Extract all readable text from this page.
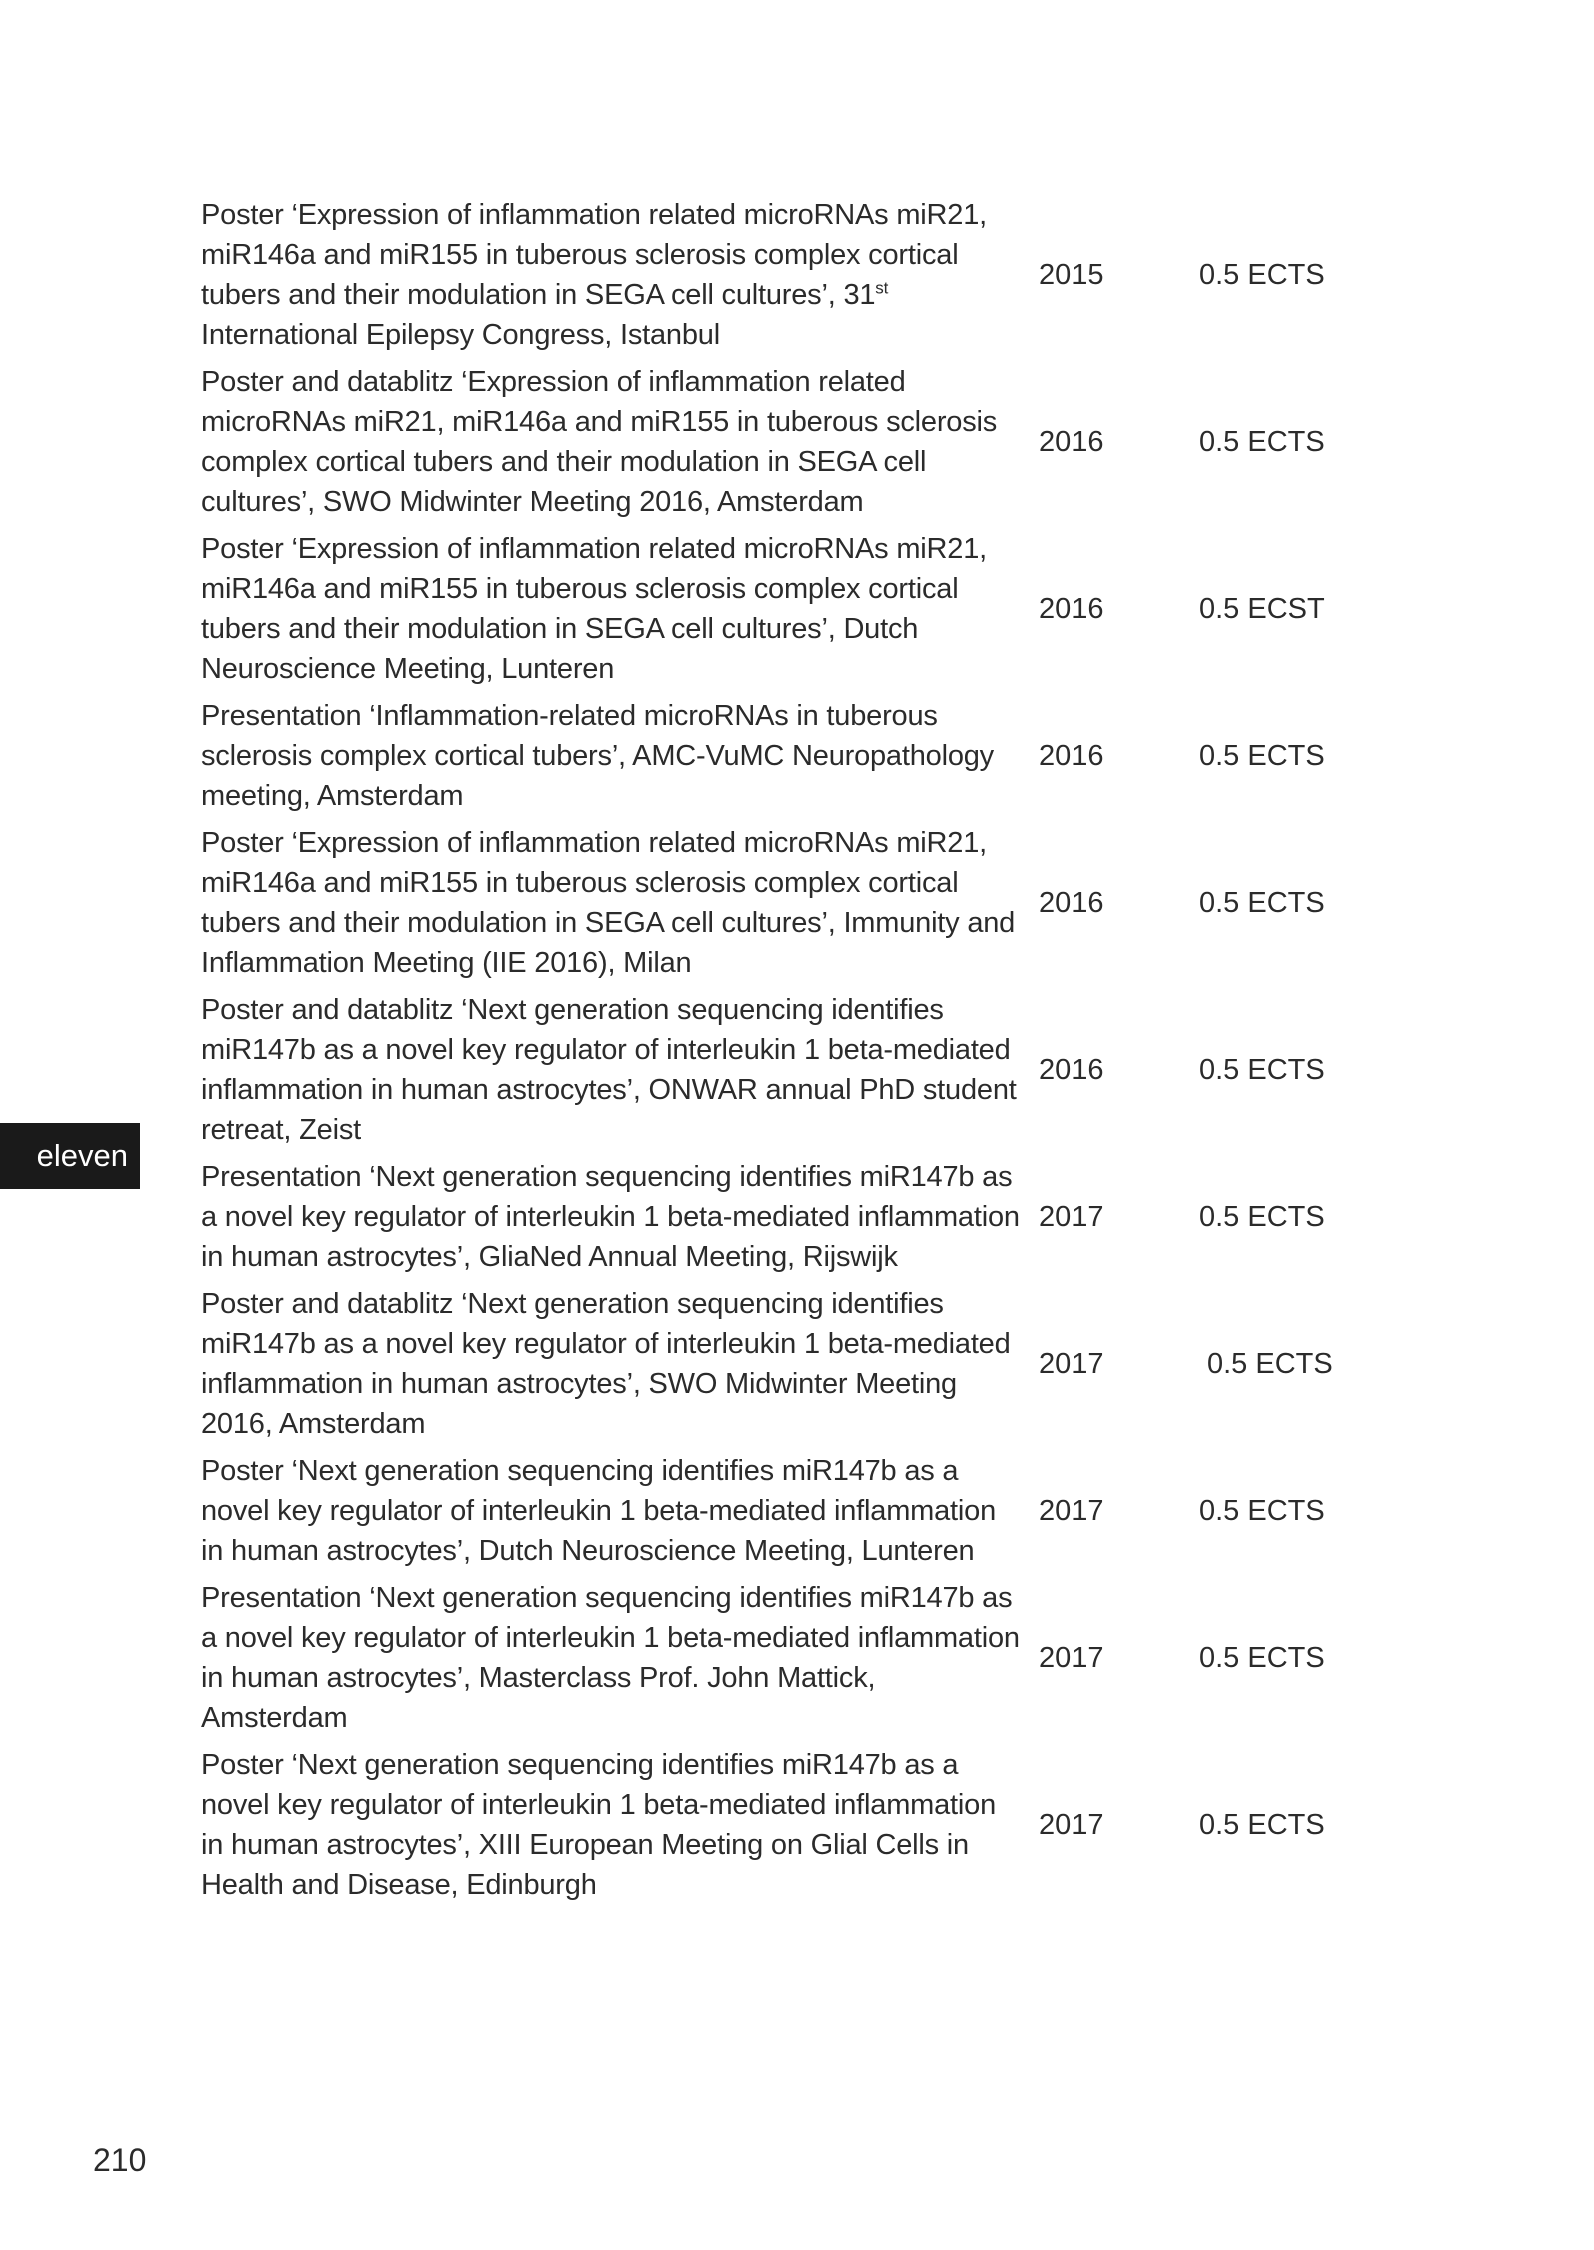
Poster ‘Expression of inflammation related microRNAs miR21, miR146a and miR155 in tuberous sclerosis complex cortical tubers and their modulation in SEGA cell cultures’, 31st International Epilepsy Congress, Istanbul
2015	0.5 ECTS
Poster and datablitz ‘Expression of inflammation related microRNAs miR21, miR146a and miR155 in tuberous sclerosis complex cortical tubers and their modulation in SEGA cell cultures’, SWO Midwinter Meeting 2016, Amsterdam
2016	0.5 ECTS
Poster ‘Expression of inflammation related microRNAs miR21, miR146a and miR155 in tuberous sclerosis complex cortical tubers and their modulation in SEGA cell cultures’, Dutch Neuroscience Meeting, Lunteren
2016	0.5 ECST
Presentation ‘Inflammation-related microRNAs in tuberous sclerosis complex cortical tubers’, AMC-VuMC Neuropathology meeting, Amsterdam
2016	0.5 ECTS
Poster ‘Expression of inflammation related microRNAs miR21, miR146a and miR155 in tuberous sclerosis complex cortical tubers and their modulation in SEGA cell cultures’, Immunity and Inflammation Meeting (IIE 2016), Milan
2016	0.5 ECTS
Poster and datablitz ‘Next generation sequencing identifies miR147b as a novel key regulator of interleukin 1 beta-mediated inflammation in human astrocytes’, ONWAR annual PhD student retreat, Zeist
2016	0.5 ECTS
Presentation ‘Next generation sequencing identifies miR147b as a novel key regulator of interleukin 1 beta-mediated inflammation in human astrocytes’, GliaNed Annual Meeting, Rijswijk
2017	0.5 ECTS
Poster and datablitz ‘Next generation sequencing identifies miR147b as a novel key regulator of interleukin 1 beta-mediated inflammation in human astrocytes’, SWO Midwinter Meeting 2016, Amsterdam
2017	0.5 ECTS
Poster ‘Next generation sequencing identifies miR147b as a novel key regulator of interleukin 1 beta-mediated inflammation in human astrocytes’, Dutch Neuroscience Meeting, Lunteren
2017	0.5 ECTS
Presentation ‘Next generation sequencing identifies miR147b as a novel key regulator of interleukin 1 beta-mediated inflammation in human astrocytes’, Masterclass Prof. John Mattick, Amsterdam
2017	0.5 ECTS
Poster ‘Next generation sequencing identifies miR147b as a novel key regulator of interleukin 1 beta-mediated inflammation in human astrocytes’, XIII European Meeting on Glial Cells in Health and Disease, Edinburgh
2017	0.5 ECTS
eleven
210
